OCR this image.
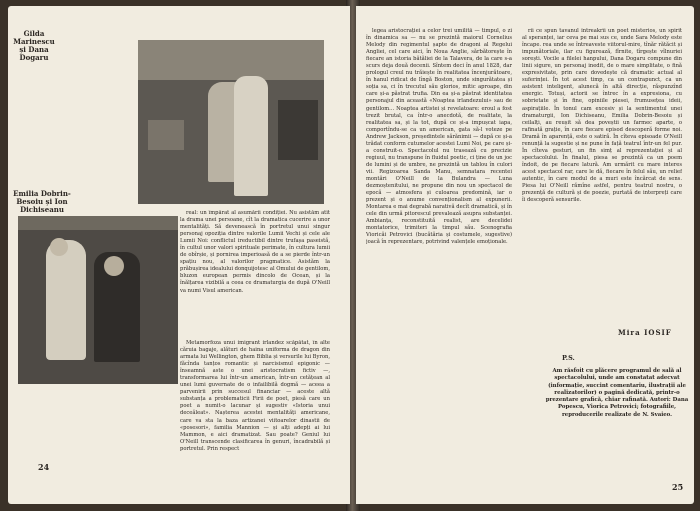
Gilda Marinescu și Dana Dogaru
Emilia Dobrin-Besoiu și Ion Dichiseanu	real: un împărat al asumării condiției. Nu asistăm atît la drama unei persoane, cît la dramatica cucerire a unor mentalități. Să devenească în portretul unui singur personaj opoziția dintre valorile Lumii Vechi și cele ale Lumii Noi: conflictul ireductibil dintre trufașa paseistă, în cultul unor valori spirituale perimate, în cultura lumii de obîrșie, și pornirea imperioasă de a se pierde într-un spațiu nou, al valorilor pragmatice. Asistăm la prăbușirea idealului donquijotesc al Omului de gentilom, bluzon european permis dincolo de Ocean, și la înălțarea vizibilă a ceea ce dramaturgia de după O'Neill va numi Visul american.

Metamorfoza unui imigrant irlandez scăpătat, în alte căruia bagaje, alături de haina uniforma de dragon din armata lui Wellington, ghem Biblia și versurile lui Byron, făcînda tanțos romantic și narcisismul epigonic — înseamnă aste o unei aristocratism fictiv —, transformarea lui într-un american, într-un cetățean al unei lumi guvernate de o infailibilă dogmă — aceea a parvenirii prin succesul financiar — aceste altă substanța a problematicii Firii de poet, piesă care un poet a numit-o lacunar și sugestiv «Istoria unui deceăleat». Nașterea acestei mentalități americane, care va sta la baza artizanei viitoarelor dinastii de «posesori», familia Mannion — și alți adepți ai lui Mammon, e aici dramatizat. Sau poate? Geniul lui O'Neill transcende clasificarea în genuri, încadrabilă și portretul. Prin respect

24

legea aristocrației a celor trei umilită — timpul, o zi în dinamica sa — nu se prezintă maiorul Cornelius Melody din regimentul șapte de dragoni al Regelui Angliei, cel care aici, în Noua Anglie, sărbătorește în fiecare an istoria bătăliei de la Talavera, de la care s-a scurs deja două decenii. Sîntem deci în anul 1828, dar prologul creul nu trăiește în realitatea încenjurătoare, în hanul ridicat de lîngă Boston, unde singurătatea și soția sa, ci în trecutul său glorios, mitic aproape, din care și-a păstrat trufia. Din ea și-a păstrat identitatea personajul din această «Noaptea irlandezului» sau de gentilom... Noaptea artistei și revelatoare: eroul a fost trezit brutal, ca într-o anecdotă, de realitate, la realitatea sa, și la tot, după ce și-a impușcat iapa, comportîndu-se ca un american, gata să-l voteze pe Andrew Jackson, președintele sărănimii — după ce și-a trădat conform cutumelor acestei Lumi Noi, pe care și-a construit-o. Spectacolul nu trasează cu precizie regiuul, nu transpune în fluidul poetic, ci ține de un joc de lumini și de umbre, ne prezintă un tablou în culori vii. Regizoarea Sanda Manu, semnatara recentei montări O'Neill de la Bulandra — Luna dezmoștenitului, ne propune din nou un spectacol de epocă — atmosfera și culoarea predomină, iar o prezent și o anume convenționalism al expunerii. Montarea e mai degrabă narativă decît dramatică, și în cele din urmă pitorescul prevalează asupra substanței. Ambianța, reconstituită realist, are decelidei montatorice, trimiteri la timpul său. Scenografia Vioricăi Petrovici (bucătăria și costumele, sugestive) joacă în reprezentare, potrivind valențele emoționale.

rii ce spun tavanul întreakrîi un poet misterios, un spirit al speranței, iar ceva pe mai sus ce, unde Sara Melody este încape. rea unde se întreaveste viitorul-mire, tînăr rătăcit și impunătoriale, ilar cu figurează, fîrnite, tîrgește vîlnuriei sorești. Vocile a filelei hanpului, Dana Dogaru compune din linii sigure, un personaj inedit, de o mare simplitate, o fină expresivitate, prin care dovedește că dramatic actual al suferinței. În tot acest timp, ca un contrapunct, ca un asistent inteligent, alunecă în altă direcție, răspunzînd energic. Totuși, actorii se întrec în a expresiona, cu sobrietate și în fine, opiniile piesei, frumusețea ideii, aspirațiile. În tonul cam excesiv și la sentimentul unei dramaturgii, Ion Dichiseanu, Emilia Dobrin-Besoiu și ceilalți, au reușit să dea poveștii un farmec aparte, o rafinată grație, în care fiecare episod descoperă forme noi. Dramă în aparență, este o satiră. În cîteva episoade O'Neill renunță la sugestie și ne pune în față teatrul într-un fel pur. În cîteva gesturi, un fin simț al reprezentației și al spectacolului. În finalul, piesa se prezintă ca un poem îndoit, de pe fiecare latură. Am urmărit cu mare interes acest spectacol rar, care le dă, fiecare în felul său, un relief autentic, în care modul de a muri este încărcat de sens. Piesa lui O'Neill rămîne astfel, pentru teatrul nostru, o prezență de cultură și de poezie, purtată de interpreți care îi descoperă sensurile.

Mira IOSIF
P.S.

Am răsfoit cu plăcere programul de sală al spectacolului, unde am constatat adecvat (informație, succint comentariu, ilustrații ale realizatorilor) o pagină dedicată, printr-o prezentare grafică, chiar rafinată. Autori: Dana Popescu, Viorica Petrovici; fotografiile, reproducerile realizate de N. Svaieo.

25
